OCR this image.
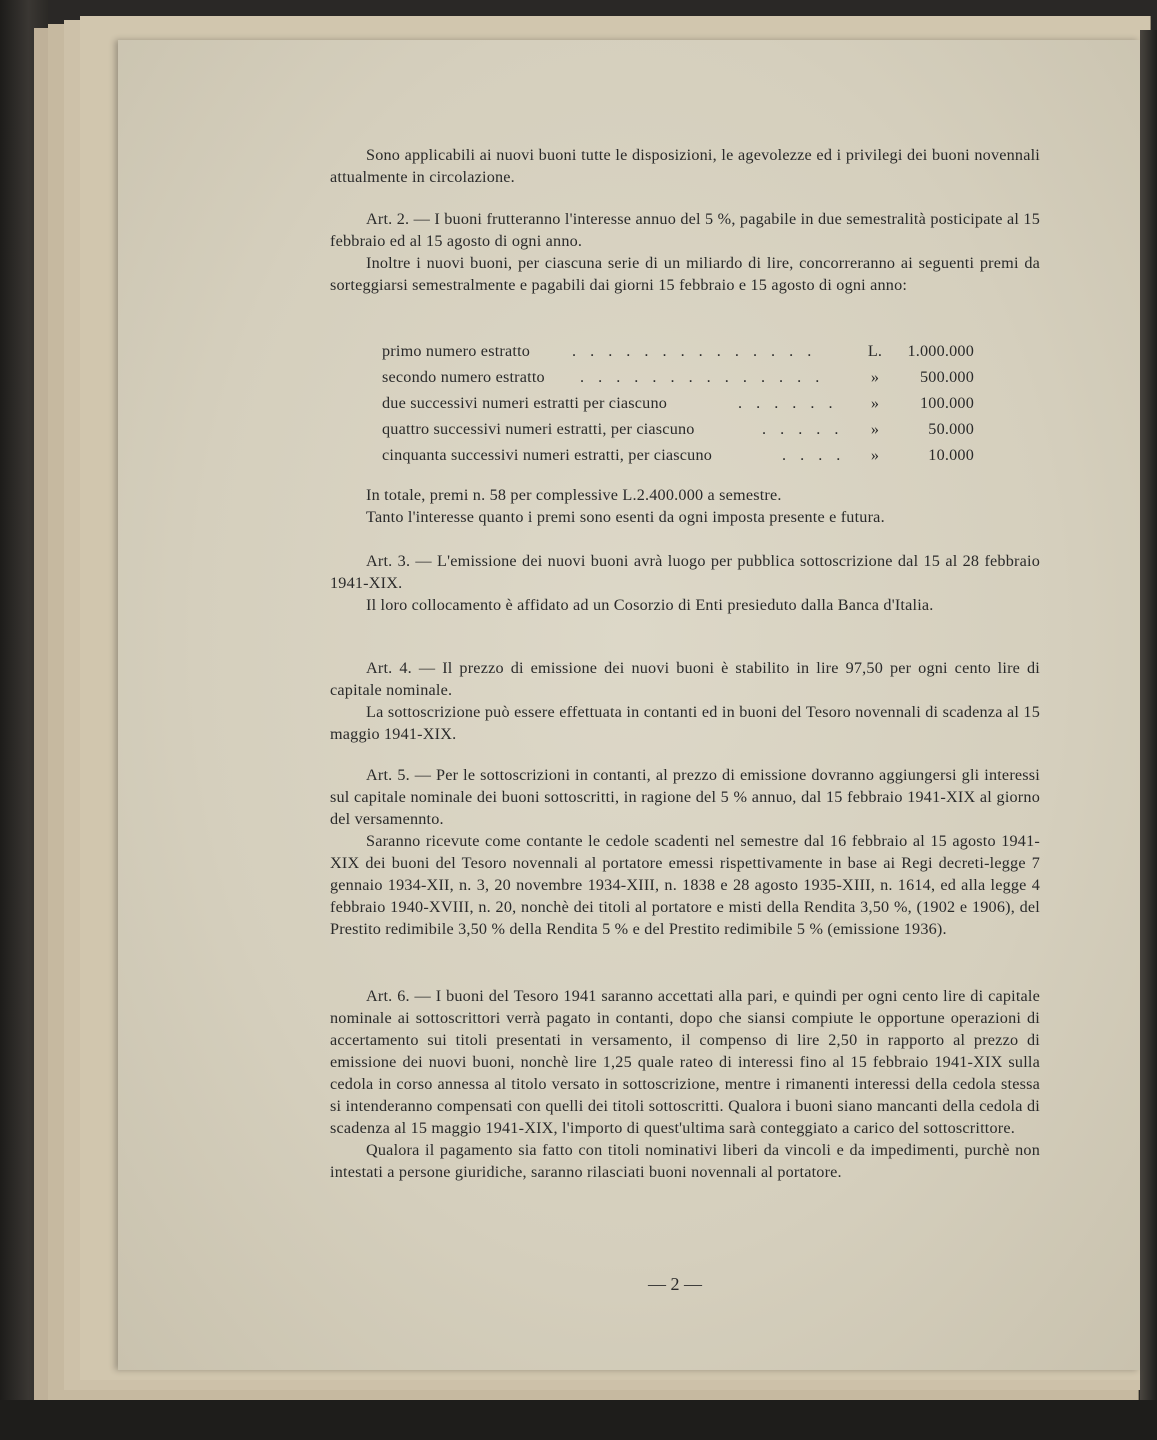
Sono applicabili ai nuovi buoni tutte le disposizioni, le agevolezze ed i privilegi dei buoni novennali attualmente in circolazione.

Art. 2. — I buoni frutteranno l'interesse annuo del 5 %, pagabile in due semestralità posticipate al 15 febbraio ed al 15 agosto di ogni anno.

Inoltre i nuovi buoni, per ciascuna serie di un miliardo di lire, concorreranno ai seguenti premi da sorteggiarsi semestralmente e pagabili dai giorni 15 febbraio e 15 agosto di ogni anno:

primo numero estratto	. . . . . . . . . . . . . .	L. 1.000.000
secondo numero estratto . . . . . . . . . . . . . .	»	500.000
due successivi numeri estratti per ciascuno	. . . . . . »	100.000
quattro successivi numeri estratti, per ciascuno	. . . . . »	50.000
cinquanta successivi numeri estratti, per ciascuno	. . . . »	10.000

In totale, premi n. 58 per complessive L.2.400.000 a semestre.

Tanto l'interesse quanto i premi sono esenti da ogni imposta presente e futura.

Art. 3. — L'emissione dei nuovi buoni avrà luogo per pubblica sottoscrizione dal 15 al 28 febbraio 1941-XIX.

Il loro collocamento è affidato ad un Cosorzio di Enti presieduto dalla Banca d'Italia.

Art. 4. — Il prezzo di emissione dei nuovi buoni è stabilito in lire 97,50 per ogni cento lire di capitale nominale.

La sottoscrizione può essere effettuata in contanti ed in buoni del Tesoro novennali di scadenza al 15 maggio 1941-XIX.

Art. 5. — Per le sottoscrizioni in contanti, al prezzo di emissione dovranno aggiungersi gli interessi sul capitale nominale dei buoni sottoscritti, in ragione del 5 % annuo, dal 15 febbraio 1941-XIX al giorno del versamennto.

Saranno ricevute come contante le cedole scadenti nel semestre dal 16 febbraio al 15 agosto 1941-XIX dei buoni del Tesoro novennali al portatore emessi rispettivamente in base ai Regi decreti-legge 7 gennaio 1934-XII, n. 3, 20 novembre 1934-XIII, n. 1838 e 28 agosto 1935-XIII, n. 1614, ed alla legge 4 febbraio 1940-XVIII, n. 20, nonchè dei titoli al portatore e misti della Rendita 3,50 %, (1902 e 1906), del Prestito redimibile 3,50 % della Rendita 5 % e del Prestito redimibile 5 % (emissione 1936).

Art. 6. — I buoni del Tesoro 1941 saranno accettati alla pari, e quindi per ogni cento lire di capitale nominale ai sottoscrittori verrà pagato in contanti, dopo che siansi compiute le opportune operazioni di accertamento sui titoli presentati in versamento, il compenso di lire 2,50 in rapporto al prezzo di emissione dei nuovi buoni, nonchè lire 1,25 quale rateo di interessi fino al 15 febbraio 1941-XIX sulla cedola in corso annessa al titolo versato in sottoscrizione, mentre i rimanenti interessi della cedola stessa si intenderanno compensati con quelli dei titoli sottoscritti. Qualora i buoni siano mancanti della cedola di scadenza al 15 maggio 1941-XIX, l'importo di quest'ultima sarà conteggiato a carico del sottoscrittore.

Qualora il pagamento sia fatto con titoli nominativi liberi da vincoli e da impedimenti, purchè non intestati a persone giuridiche, saranno rilasciati buoni novennali al portatore.

— 2 —
